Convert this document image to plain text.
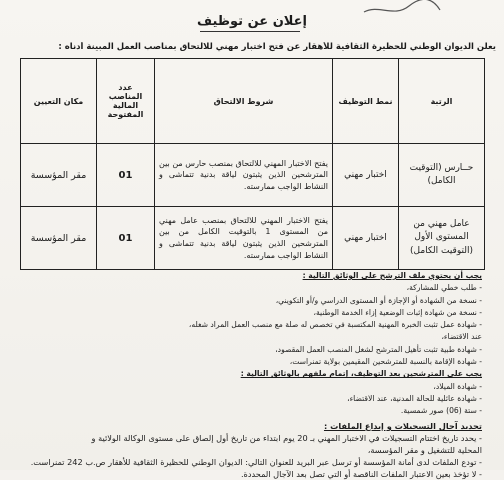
إعلان عن توظيف
يعلن الديوان الوطني للحظيرة الثقافية للأهقار عن فتح اختبار مهني للالتحاق بمناصب العمل المبينة أدناه :
الرتبة	نمط التوظيف	شروط الالتحاق	عدد المناصب المالية المفتوحة	مكان التعيين
حــارس (التوقيت الكامل)	اختبار مهني	يفتح الاختبار المهني للالتحاق بمنصب حارس من بين المترشحين الذين يثبتون لياقة بدنية تتماشى و النشاط الواجب ممارسته.	01	مقر المؤسسة
عامل مهني من المستوى الأول (التوقيت الكامل)	اختبار مهني	يفتح الاختبار المهني للالتحاق بمنصب عامل مهني من المستوى 1 بالتوقيت الكامل من بين المترشحين الذين يثبتون لياقة بدنية تتماشى و النشاط الواجب ممارسته.	01	مقر المؤسسة
يجب أن يحتوي ملف الترشح على الوثائق التالية :
- طلب خطي للمشاركة،
- نسخة من الشهادة أو الإجازة أو المستوى الدراسي و/أو التكويني،
- نسخة من شهادة إثبات الوضعية إزاء الخدمة الوطنية،
- شهادة عمل تثبت الخبرة المهنية المكتسبة في تخصص له صلة مع منصب العمل المراد شغله، عند الاقتضاء،
- شهادة طبية تثبت تأهيل المترشح لشغل المنصب العمل المقصود،
- شهادة الإقامة بالنسبة للمترشحين المقيمين بولاية تمنراست،
يجب على المترشحين بعد التوظيف، إتمام ملفهم بالوثائق التالية :
- شهادة الميلاد،
- شهادة عائلية للحالة المدنية، عند الاقتضاء،
- ستة (06) صور شمسية.
تحديد آجال التسجيلات و إيداع الملفات :
- يحدد تاريخ اختتام التسجيلات في الاختبار المهني بـ 20 يوم ابتداء من تاريخ أول إلصاق على مستوى الوكالة الولائية و
المحلية للتشغيل و مقر المؤسسة،
- تودع الملفات لدى أمانة المؤسسة أو ترسل عبر البريد للعنوان التالي: الديوان الوطني للحظيرة الثقافية للأهقار ص.ب 242 تمنراست.
- لا تؤخذ بعين الاعتبار الملفات الناقصة أو التي تصل بعد الآجال المحددة.
